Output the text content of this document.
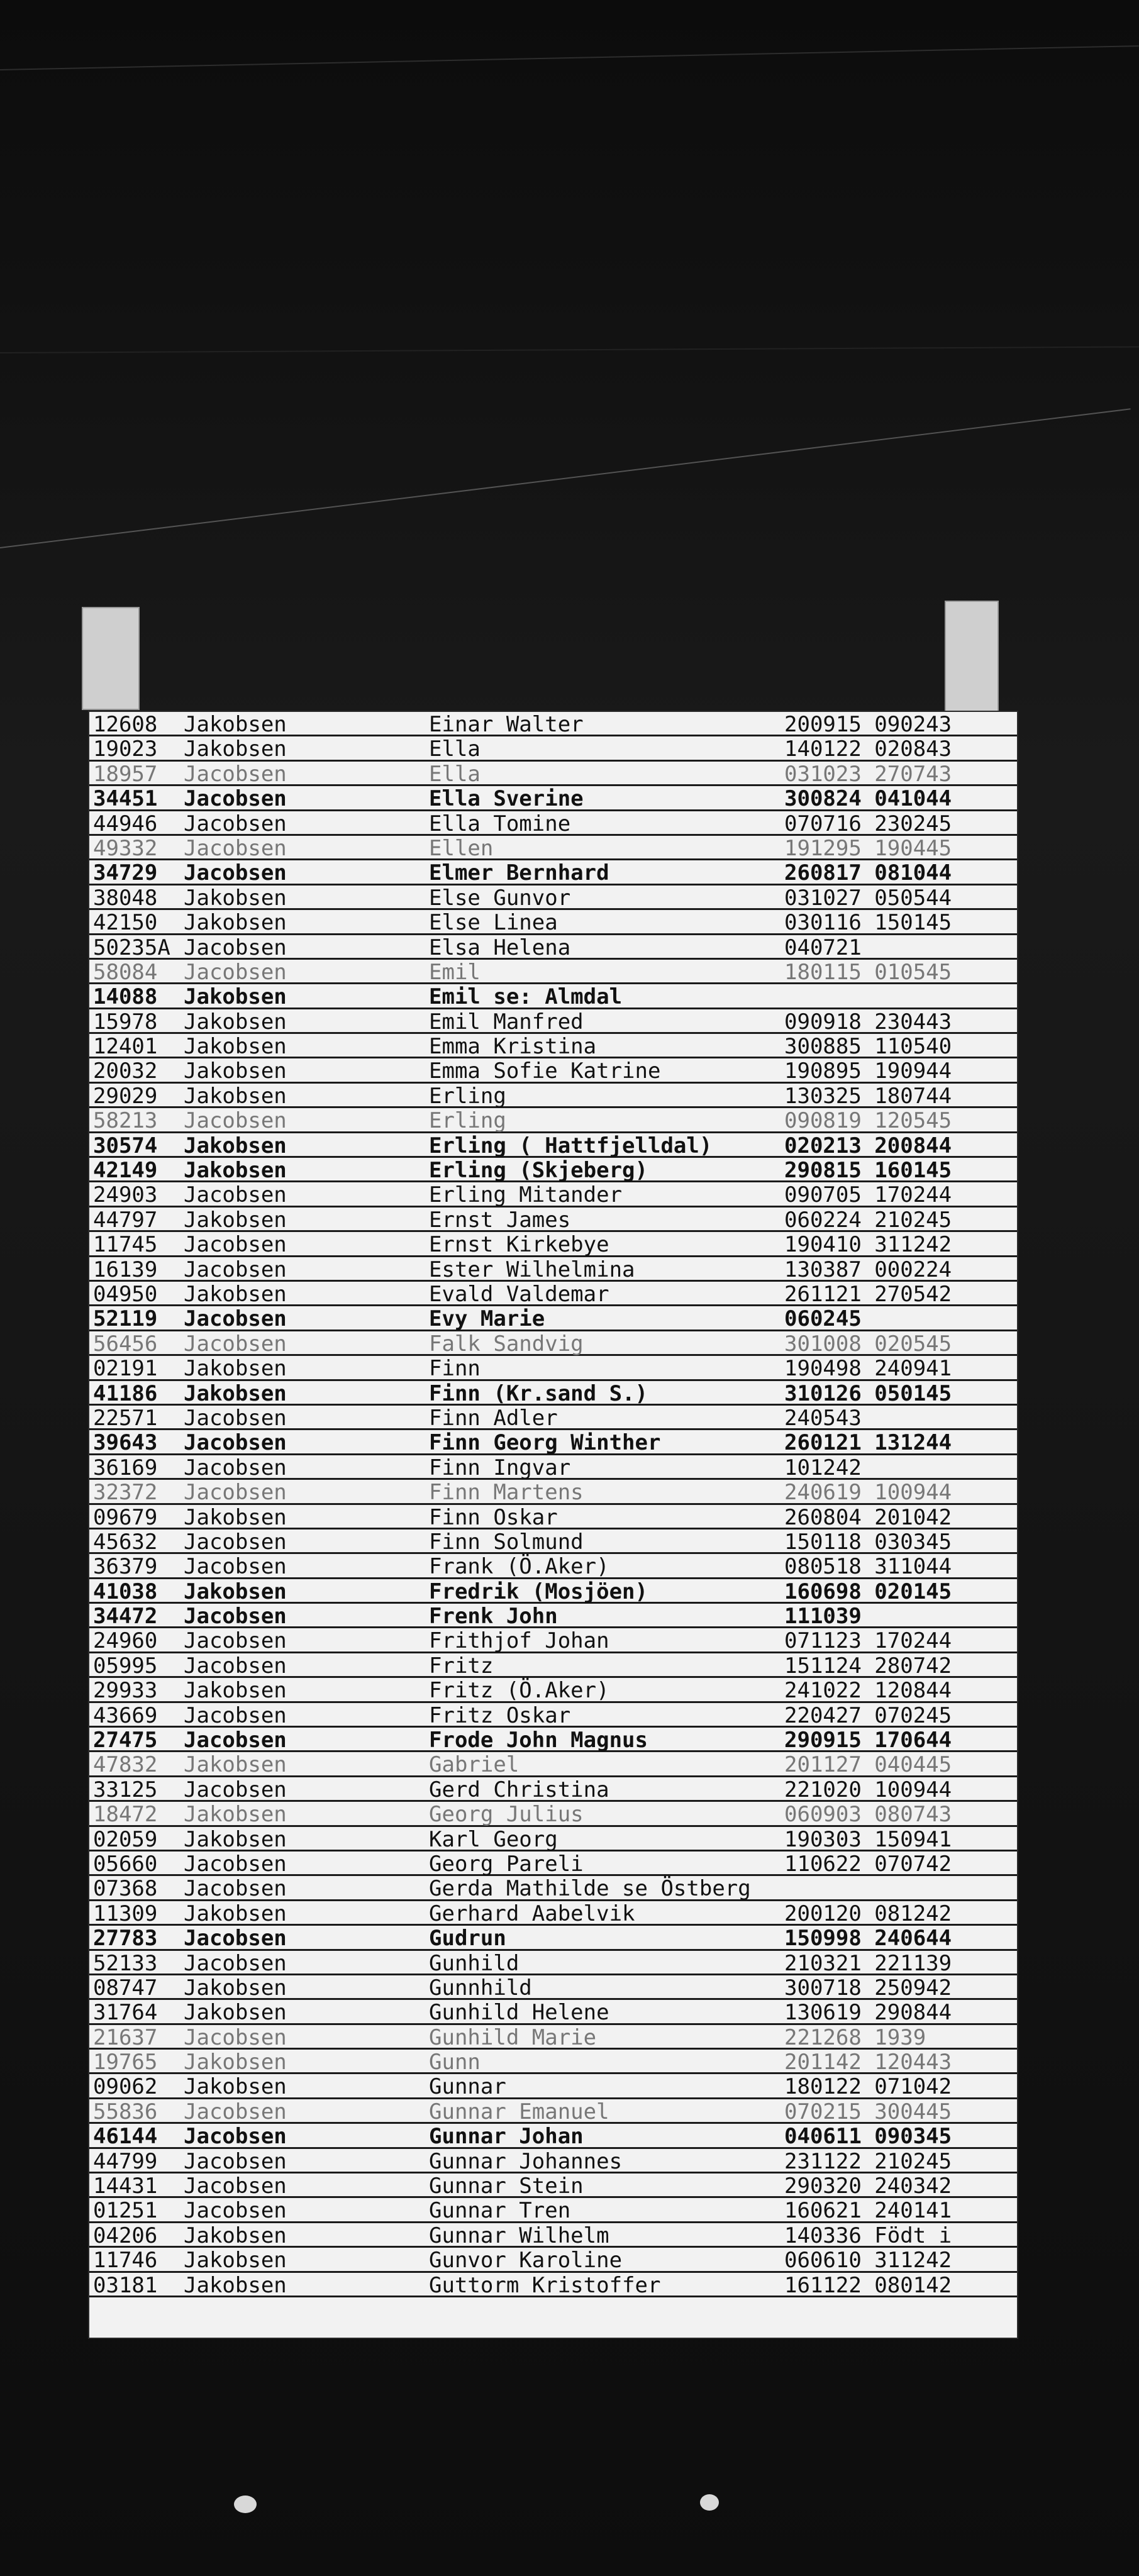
12608 Jakobsen	Einar Walter	200915 090243
19023 Jakobsen	Ella	140122 020843
18957 Jacobsen	Ella	031023 270743
34451 Jacobsen	Ella Sverine	300824 041044
44946 Jacobsen	Ella Tomine	070716 230245
49332 Jacobsen	Ellen	191295 190445
34729 Jacobsen	Elmer Bernhard	260817 081044
38048 Jakobsen	Else Gunvor	031027 050544
42150 Jakobsen	Else Linea	030116 150145
50235A Jacobsen	Elsa Helena	040721
58084 Jacobsen	Emil	180115 010545
14088 Jakobsen	Emil se: Almdal
15978 Jakobsen	Emil Manfred	090918 230443
12401 Jakobsen	Emma Kristina	300885 110540
20032 Jakobsen	Emma Sofie Katrine	190895 190944
29029 Jakobsen	Erling	130325 180744
58213 Jacobsen	Erling	090819 120545
30574 Jakobsen	Erling ( Hattfjelldal)	020213 200844
42149 Jakobsen	Erling (Skjeberg)	290815 160145
24903 Jacobsen	Erling Mitander	090705 170244
44797 Jakobsen	Ernst James	060224 210245
11745 Jacobsen	Ernst Kirkebye	190410 311242
16139 Jacobsen	Ester Wilhelmina	130387 000224
04950 Jakobsen	Evald Valdemar	261121 270542
52119 Jacobsen	Evy Marie	060245
56456 Jacobsen	Falk Sandvig	301008 020545
02191 Jakobsen	Finn	190498 240941
41186 Jakobsen	Finn (Kr.sand S.)	310126 050145
22571 Jacobsen	Finn Adler	240543
39643 Jacobsen	Finn Georg Winther	260121 131244
36169 Jacobsen	Finn Ingvar	101242
32372 Jacobsen	Finn Martens	240619 100944
09679 Jakobsen	Finn Oskar	260804 201042
45632 Jacobsen	Finn Solmund	150118 030345
36379 Jacobsen	Frank (Ö.Aker)	080518 311044
41038 Jakobsen	Fredrik (Mosjöen)	160698 020145
34472 Jacobsen	Frenk John	111039
24960 Jacobsen	Frithjof Johan	071123 170244
05995 Jacobsen	Fritz	151124 280742
29933 Jakobsen	Fritz (Ö.Aker)	241022 120844
43669 Jacobsen	Fritz Oskar	220427 070245
27475 Jacobsen	Frode John Magnus	290915 170644
47832 Jakobsen	Gabriel	201127 040445
33125 Jacobsen	Gerd Christina	221020 100944
18472 Jakobsen	Georg Julius	060903 080743
02059 Jakobsen	Karl Georg	190303 150941
05660 Jacobsen	Georg Pareli	110622 070742
07368 Jacobsen	Gerda Mathilde se Östberg
11309 Jakobsen	Gerhard Aabelvik	200120 081242
27783 Jacobsen	Gudrun	150998 240644
52133 Jacobsen	Gunhild	210321 221139
08747 Jakobsen	Gunnhild	300718 250942
31764 Jakobsen	Gunhild Helene	130619 290844
21637 Jacobsen	Gunhild Marie	221268 1939
19765 Jakobsen	Gunn	201142 120443
09062 Jakobsen	Gunnar	180122 071042
55836 Jacobsen	Gunnar Emanuel	070215 300445
46144 Jacobsen	Gunnar Johan	040611 090345
44799 Jacobsen	Gunnar Johannes	231122 210245
14431 Jacobsen	Gunnar Stein	290320 240342
01251 Jacobsen	Gunnar Tren	160621 240141
04206 Jakobsen	Gunnar Wilhelm	140336 Födt i
11746 Jakobsen	Gunvor Karoline	060610 311242
03181 Jakobsen	Guttorm Kristoffer	161122 080142
